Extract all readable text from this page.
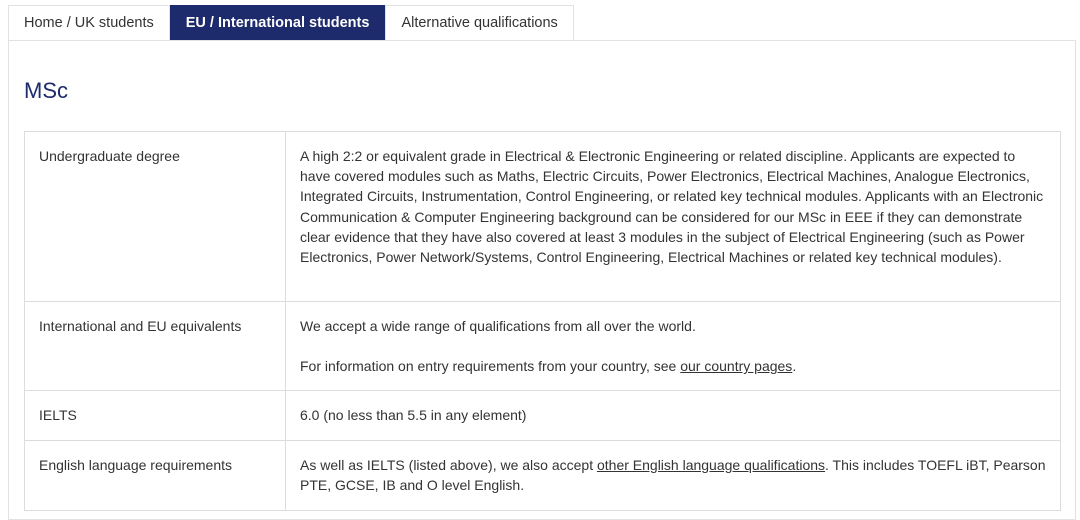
Home / UK students	EU / International students	Alternative qualifications
MSc
Undergraduate degree	A high 2:2 or equivalent grade in Electrical & Electronic Engineering or related discipline. Applicants are expected to have covered modules such as Maths, Electric Circuits, Power Electronics, Electrical Machines, Analogue Electronics, Integrated Circuits, Instrumentation, Control Engineering, or related key technical modules. Applicants with an Electronic Communication & Computer Engineering background can be considered for our MSc in EEE if they can demonstrate clear evidence that they have also covered at least 3 modules in the subject of Electrical Engineering (such as Power Electronics, Power Network/Systems, Control Engineering, Electrical Machines or related key technical modules).
International and EU equivalents	We accept a wide range of qualifications from all over the world.

For information on entry requirements from your country, see our country pages.

IELTS	6.0 (no less than 5.5 in any element)
English language requirements	As well as IELTS (listed above), we also accept other English language qualifications. This includes TOEFL iBT, Pearson PTE, GCSE, IB and O level English.
